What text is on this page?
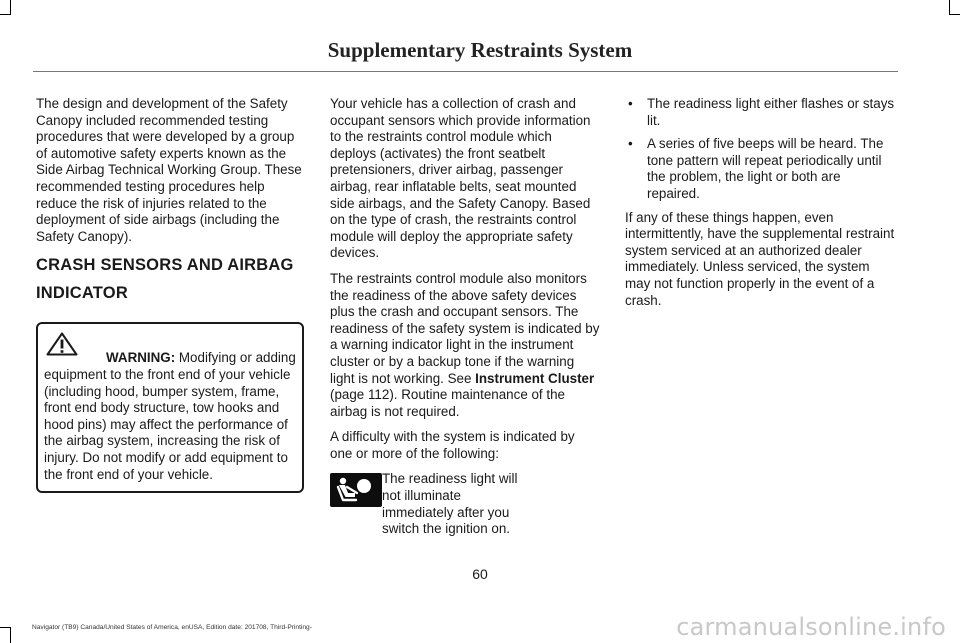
Supplementary Restraints System

The design and development of the Safety Canopy included recommended testing procedures that were developed by a group of automotive safety experts known as the Side Airbag Technical Working Group. These recommended testing procedures help reduce the risk of injuries related to the deployment of side airbags (including the Safety Canopy).

CRASH SENSORS AND AIRBAG
INDICATOR
WARNING: Modifying or adding equipment to the front end of your vehicle (including hood, bumper system, frame, front end body structure, tow hooks and hood pins) may affect the performance of the airbag system, increasing the risk of injury. Do not modify or add equipment to the front end of your vehicle.

Your vehicle has a collection of crash and occupant sensors which provide information to the restraints control module which deploys (activates) the front seatbelt pretensioners, driver airbag, passenger airbag, rear inflatable belts, seat mounted side airbags, and the Safety Canopy. Based on the type of crash, the restraints control module will deploy the appropriate safety devices.

The restraints control module also monitors the readiness of the above safety devices plus the crash and occupant sensors. The readiness of the safety system is indicated by a warning indicator light in the instrument cluster or by a backup tone if the warning light is not working. See Instrument Cluster (page 112). Routine maintenance of the airbag is not required.

A difficulty with the system is indicated by one or more of the following:

The readiness light will not illuminate immediately after you switch the ignition on.

• The readiness light either flashes or stays lit.
• A series of five beeps will be heard. The tone pattern will repeat periodically until the problem, the light or both are repaired.

If any of these things happen, even intermittently, have the supplemental restraint system serviced at an authorized dealer immediately. Unless serviced, the system may not function properly in the event of a crash.

60
Navigator (TB9) Canada/United States of America, enUSA, Edition date: 201708, Third-Printing-	carmanualsonline.info
